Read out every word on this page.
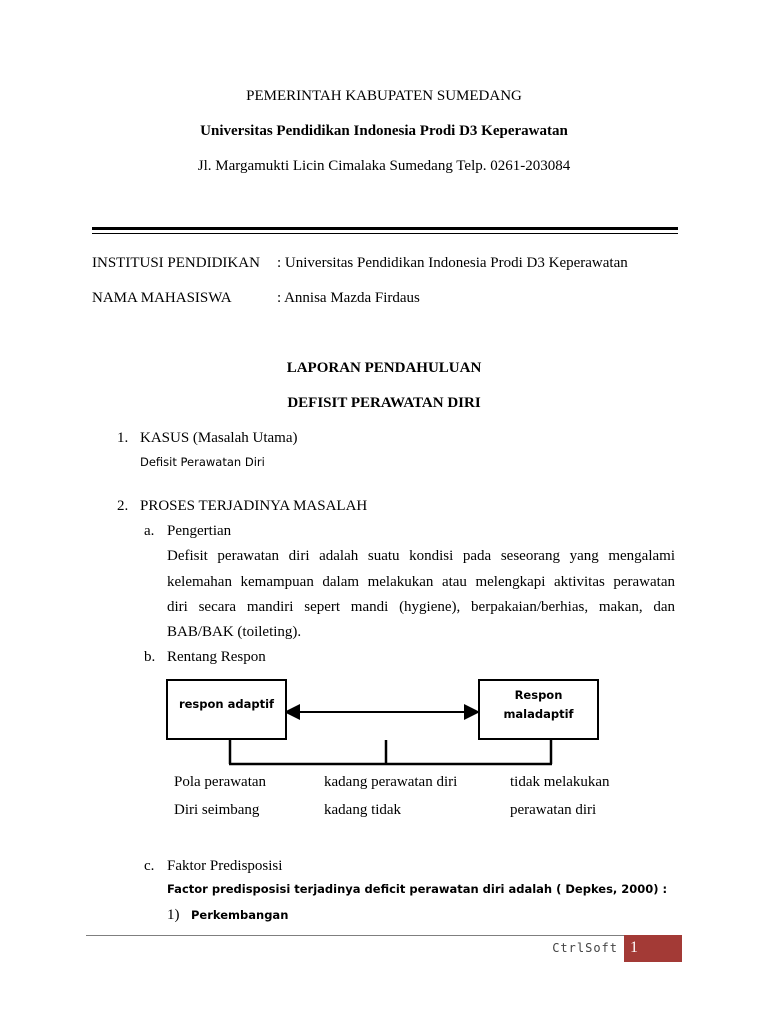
PEMERINTAH KABUPATEN SUMEDANG
Universitas Pendidikan Indonesia Prodi D3 Keperawatan
Jl. Margamukti Licin Cimalaka Sumedang Telp. 0261-203084
INSTITUSI PENDIDIKAN : Universitas Pendidikan Indonesia Prodi D3 Keperawatan
NAMA MAHASISWA	: Annisa Mazda Firdaus
LAPORAN PENDAHULUAN
DEFISIT PERAWATAN DIRI
1. KASUS (Masalah Utama)
Defisit Perawatan Diri
2. PROSES TERJADINYA MASALAH
a. Pengertian
Defisit perawatan diri adalah suatu kondisi pada seseorang yang mengalami
kelemahan kemampuan dalam melakukan atau melengkapi aktivitas perawatan
diri secara mandiri sepert mandi (hygiene), berpakaian/berhias, makan, dan
BAB/BAK (toileting).
b. Rentang Respon
respon adaptif
Respon
maladaptif
Pola perawatan
Diri seimbang
kadang perawatan diri
kadang tidak
tidak melakukan
perawatan diri
c. Faktor Predisposisi
Factor predisposisi terjadinya deficit perawatan diri adalah ( Depkes, 2000) :
1) Perkembangan
CtrlSoft 1
